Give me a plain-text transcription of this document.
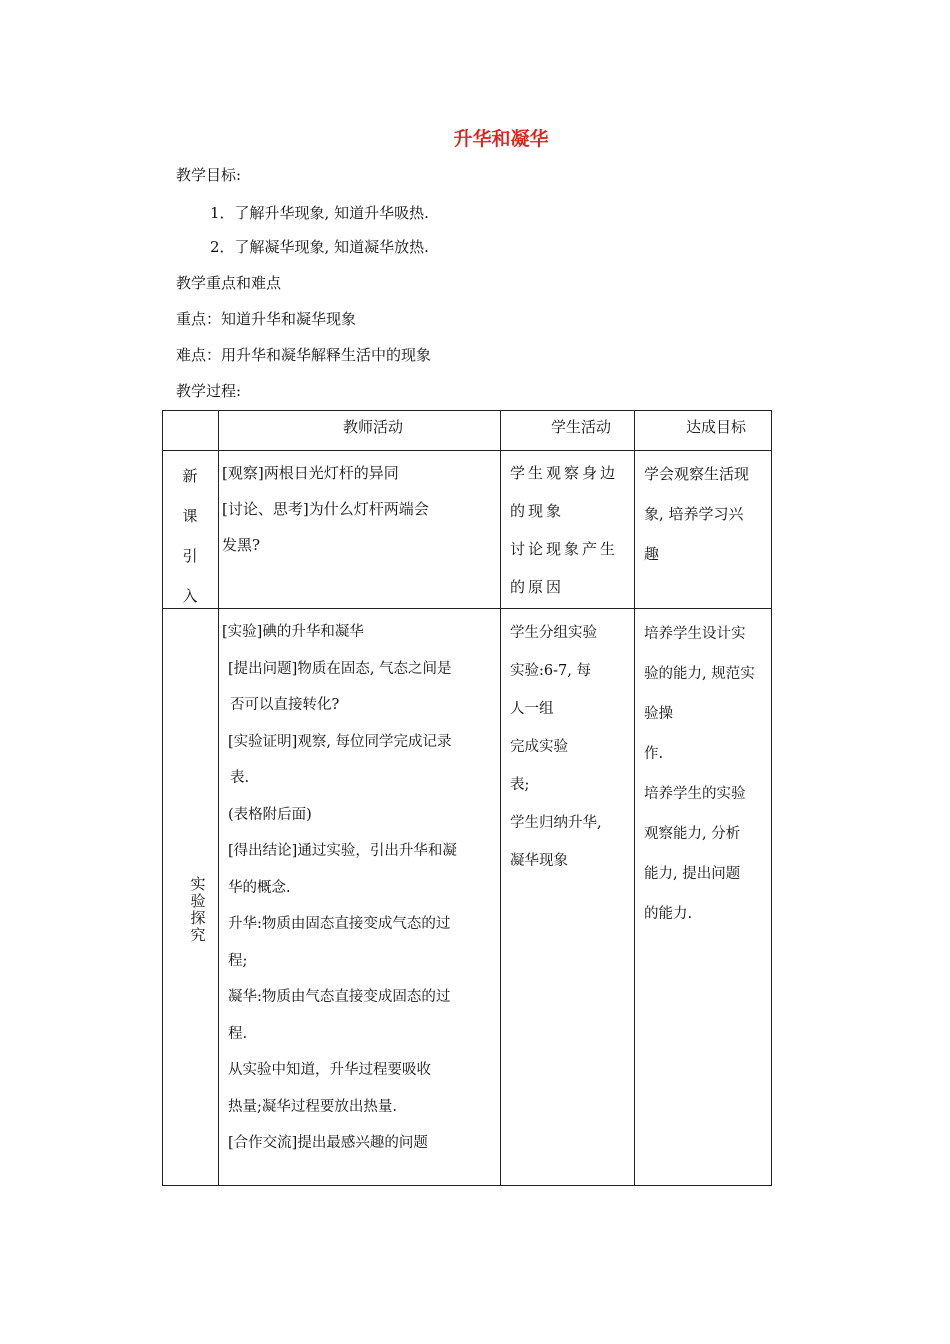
升华和凝华
教学目标:
1．了解升华现象, 知道升华吸热.
2．了解凝华现象, 知道凝华放热.
教学重点和难点
重点：知道升华和凝华现象
难点：用升华和凝华解释生活中的现象
教学过程:
教师活动	学生活动	达成目标

新

课

引

入

[观察]两根日光灯杆的异同

[讨论、思考]为什么灯杆两端会

发黑?

学生观察身边

的现象

讨论现象产生

的原因

学会观察生活现

象, 培养学习兴

趣

实

验

探

究

[实验]碘的升华和凝华

[提出问题]物质在固态, 气态之间是

否可以直接转化?

[实验证明]观察, 每位同学完成记录

表.

(表格附后面)

[得出结论]通过实验，引出升华和凝

华的概念.

升华:物质由固态直接变成气态的过

程;

凝华:物质由气态直接变成固态的过

程.

从实验中知道，升华过程要吸收

热量;凝华过程要放出热量.

[合作交流]提出最感兴趣的问题

学生分组实验

实验:6-7, 每

人一组

完成实验

表;

学生归纳升华,

凝华现象

培养学生设计实

验的能力, 规范实验操

作.

培养学生的实验

观察能力, 分析

能力, 提出问题

的能力.
